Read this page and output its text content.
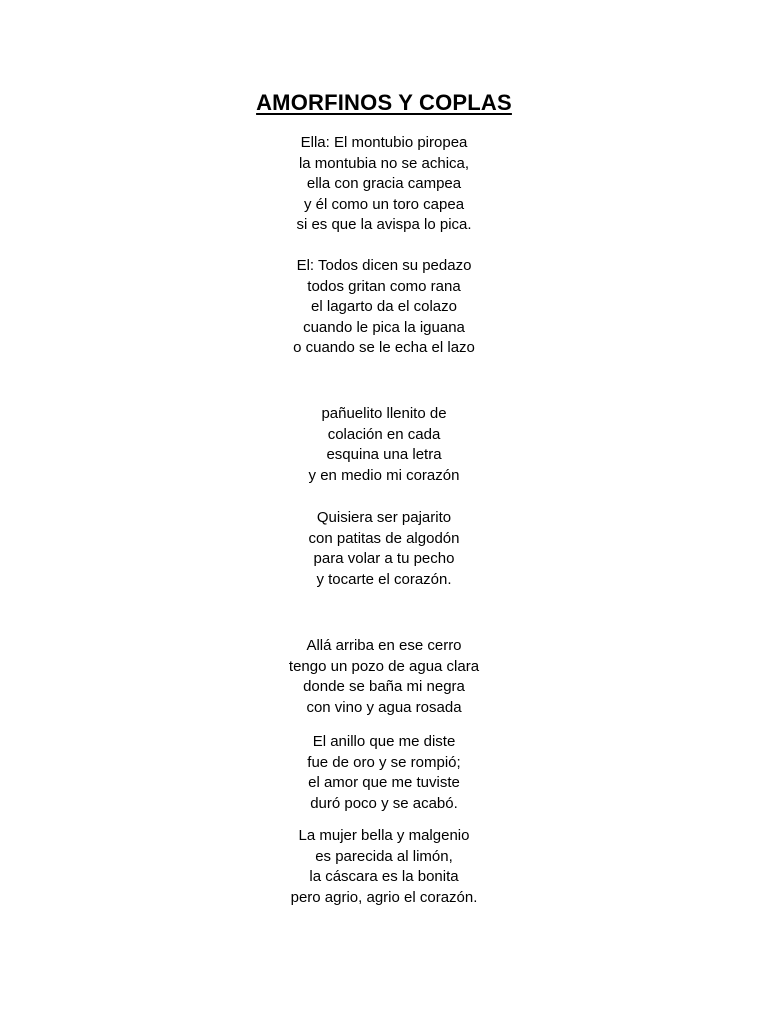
AMORFINOS Y COPLAS
Ella: El montubio piropea
la montubia no se achica,
ella con gracia campea
y él como un toro capea
si es que la avispa lo pica.
El: Todos dicen su pedazo
todos gritan como rana
el lagarto da el colazo
cuando le pica la iguana
o cuando se le echa el lazo
pañuelito llenito de
colación en cada
esquina una letra
y en medio mi corazón
Quisiera ser pajarito
con patitas de algodón
para volar a tu pecho
y tocarte el corazón.
Allá arriba en ese cerro
tengo un pozo de agua clara
donde se baña mi negra
con vino y agua rosada
El anillo que me diste
fue de oro y se rompió;
el amor que me tuviste
duró poco y se acabó.
La mujer bella y malgenio
es parecida al limón,
la cáscara es la bonita
pero agrio, agrio el corazón.
